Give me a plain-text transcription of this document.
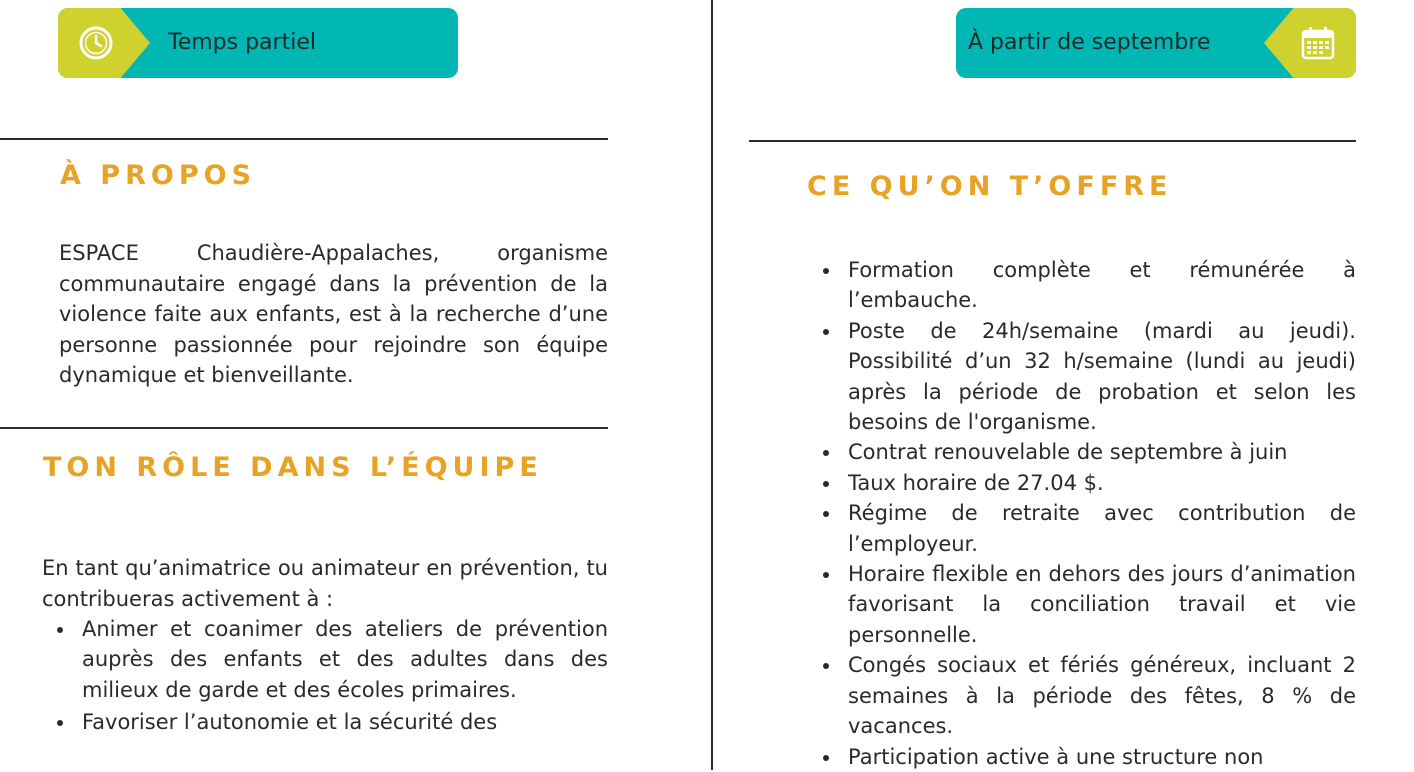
Temps partiel	À partir de septembre
À PROPOS
ESPACE Chaudière-Appalaches, organisme communautaire engagé dans la prévention de la violence faite aux enfants, est à la recherche d’une personne passionnée pour rejoindre son équipe dynamique et bienveillante.
TON RÔLE DANS L’ÉQUIPE
En tant qu’animatrice ou animateur en prévention, tu contribueras activement à :
Animer et coanimer des ateliers de prévention auprès des enfants et des adultes dans des milieux de garde et des écoles primaires.
Favoriser l’autonomie et la sécurité des
CE QU’ON T’OFFRE
Formation complète et rémunérée à l’embauche.
Poste de 24h/semaine (mardi au jeudi). Possibilité d’un 32 h/semaine (lundi au jeudi) après la période de probation et selon les besoins de l'organisme.
Contrat renouvelable de septembre à juin
Taux horaire de 27.04 $.
Régime de retraite avec contribution de l’employeur.
Horaire flexible en dehors des jours d’animation favorisant la conciliation travail et vie personnelle.
Congés sociaux et fériés généreux, incluant 2 semaines à la période des fêtes, 8 % de vacances.
Participation active à une structure non
